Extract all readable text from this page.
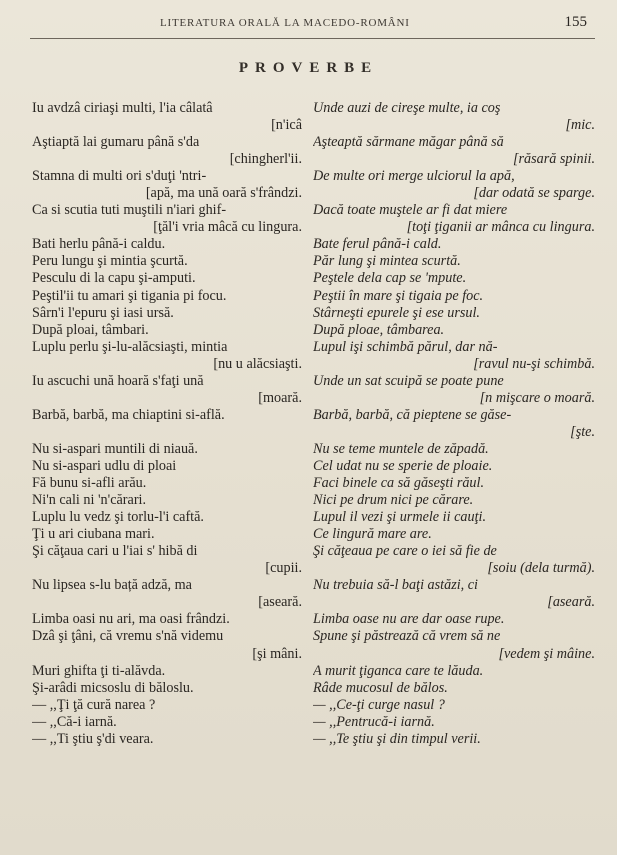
LITERATURA ORALĂ LA MACEDO-ROMÂNI	155
PROVERBE
Iu avdzâ ciriaşi multi, l'ia câlatâ
[n'icâ
Aştiaptă lai gumaru până s'da
[chingherl'ii.
Stamna di multi ori s'duţi 'ntri-
[apă, ma ună oară s'frândzi.
Ca si scutia tuti muştili n'iari ghif-
[ţăl'i vria mâcă cu lingura.
Bati herlu până-i caldu.
Peru lungu şi mintia şcurtă.
Pesculu di la capu şi-amputi.
Peştil'ii tu amari şi tigania pi focu.
Sârn'i l'epuru şi iasi ursă.
După ploai, tâmbari.
Luplu perlu şi-lu-alăcsiaşti, mintia
[nu u alăcsiaşti.
Iu ascuchi ună hoară s'faţi ună
[moară.
Barbă, barbă, ma chiaptini si-află.
Nu si-aspari muntili di niauă.
Nu si-aspari udlu di ploai
Fă bunu si-afli arău.
Ni'n cali ni 'n'cărari.
Luplu lu vedz şi torlu-l'i caftă.
Ţi u ari ciubana mari.
Şi căţaua cari u l'iai s' hibă di
[cupii.
Nu lipsea s-lu bață adză, ma
[aseară.
Limba oasi nu ari, ma oasi frândzi.
Dzâ şi ţâni, că vremu s'nă videmu
[şi mâni.
Muri ghifta ţi ti-alăvda.
Şi-arâdi micsoslu di băloslu.
— ,,Ţi ţă cură narea ?
— ,,Că-i iarnă.
— ,,Ti ştiu ş'di veara.
Unde auzi de cireşe multe, ia coş
[mic.
Aşteaptă sărmane măgar până să
[răsară spinii.
De multe ori merge ulciorul la apă,
[dar odată se sparge.
Dacă toate muştele ar fi dat miere
[toţi ţiganii ar mânca cu lingura.
Bate ferul până-i cald.
Păr lung şi mintea scurtă.
Peştele dela cap se 'mpute.
Peştii în mare şi tigaia pe foc.
Stârneşti epurele şi ese ursul.
După ploae, tâmbarea.
Lupul işi schimbă părul, dar nă-
[ravul nu-şi schimbă.
Unde un sat scuipă se poate pune
[n mişcare o moară.
Barbă, barbă, că pieptene se găse-
[şte.
Nu se teme muntele de zăpadă.
Cel udat nu se sperie de ploaie.
Faci binele ca să găseşti răul.
Nici pe drum nici pe cărare.
Lupul il vezi şi urmele ii cauţi.
Ce lingură mare are.
Şi căţeaua pe care o iei să fie de
[soiu (dela turmă).
Nu trebuia să-l baţi astăzi, ci
[aseară.
Limba oase nu are dar oase rupe.
Spune şi păstrează că vrem să ne
[vedem şi mâine.
A murit ţiganca care te lăuda.
Râde mucosul de bălos.
— ,,Ce-ţi curge nasul ?
— ,,Pentrucă-i iarnă.
— ,,Te ştiu şi din timpul verii.
